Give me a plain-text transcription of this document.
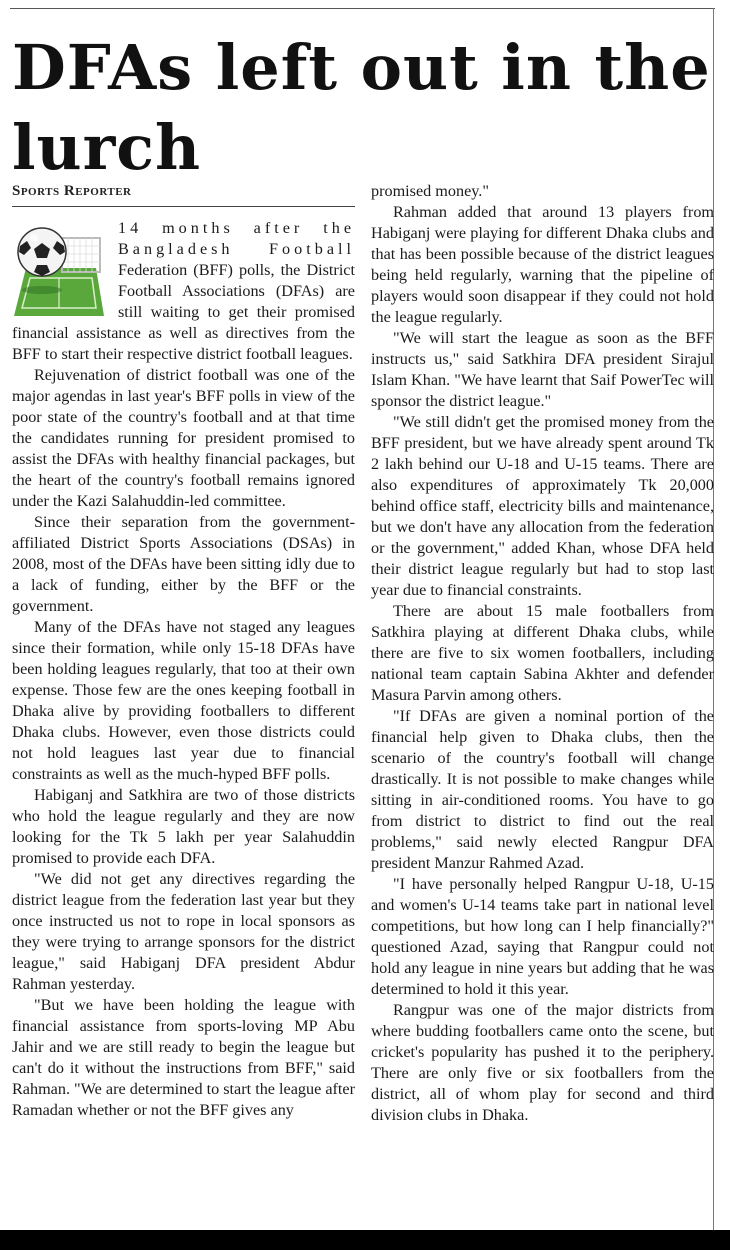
DFAs left out in the lurch
Sports Reporter

14 months after the Bangladesh Football Federation (BFF) polls, the District Football Associations (DFAs) are still waiting to get their promised financial assistance as well as directives from the BFF to start their respective district football leagues.

Rejuvenation of district football was one of the major agendas in last year's BFF polls in view of the poor state of the country's football and at that time the candidates running for president promised to assist the DFAs with healthy financial packages, but the heart of the country's football remains ignored under the Kazi Salahuddin-led committee.

Since their separation from the government-affiliated District Sports Associations (DSAs) in 2008, most of the DFAs have been sitting idly due to a lack of funding, either by the BFF or the government.

Many of the DFAs have not staged any leagues since their formation, while only 15-18 DFAs have been holding leagues regularly, that too at their own expense. Those few are the ones keeping football in Dhaka alive by providing footballers to different Dhaka clubs. However, even those districts could not hold leagues last year due to financial constraints as well as the much-hyped BFF polls.

Habiganj and Satkhira are two of those districts who hold the league regularly and they are now looking for the Tk 5 lakh per year Salahuddin promised to provide each DFA.

"We did not get any directives regarding the district league from the federation last year but they once instructed us not to rope in local sponsors as they were trying to arrange sponsors for the district league," said Habiganj DFA president Abdur Rahman yesterday.

"But we have been holding the league with financial assistance from sports-loving MP Abu Jahir and we are still ready to begin the league but can't do it without the instructions from BFF," said Rahman. "We are determined to start the league after Ramadan whether or not the BFF gives any

promised money."

Rahman added that around 13 players from Habiganj were playing for different Dhaka clubs and that has been possible because of the district leagues being held regularly, warning that the pipeline of players would soon disappear if they could not hold the league regularly.

"We will start the league as soon as the BFF instructs us," said Satkhira DFA president Sirajul Islam Khan. "We have learnt that Saif PowerTec will sponsor the district league."

"We still didn't get the promised money from the BFF president, but we have already spent around Tk 2 lakh behind our U-18 and U-15 teams. There are also expenditures of approximately Tk 20,000 behind office staff, electricity bills and maintenance, but we don't have any allocation from the federation or the government," added Khan, whose DFA held their district league regularly but had to stop last year due to financial constraints.

There are about 15 male footballers from Satkhira playing at different Dhaka clubs, while there are five to six women footballers, including national team captain Sabina Akhter and defender Masura Parvin among others.

"If DFAs are given a nominal portion of the financial help given to Dhaka clubs, then the scenario of the country's football will change drastically. It is not possible to make changes while sitting in air-conditioned rooms. You have to go from district to district to find out the real problems," said newly elected Rangpur DFA president Manzur Rahmed Azad.

"I have personally helped Rangpur U-18, U-15 and women's U-14 teams take part in national level competitions, but how long can I help financially?" questioned Azad, saying that Rangpur could not hold any league in nine years but adding that he was determined to hold it this year.

Rangpur was one of the major districts from where budding footballers came onto the scene, but cricket's popularity has pushed it to the periphery. There are only five or six footballers from the district, all of whom play for second and third division clubs in Dhaka.
